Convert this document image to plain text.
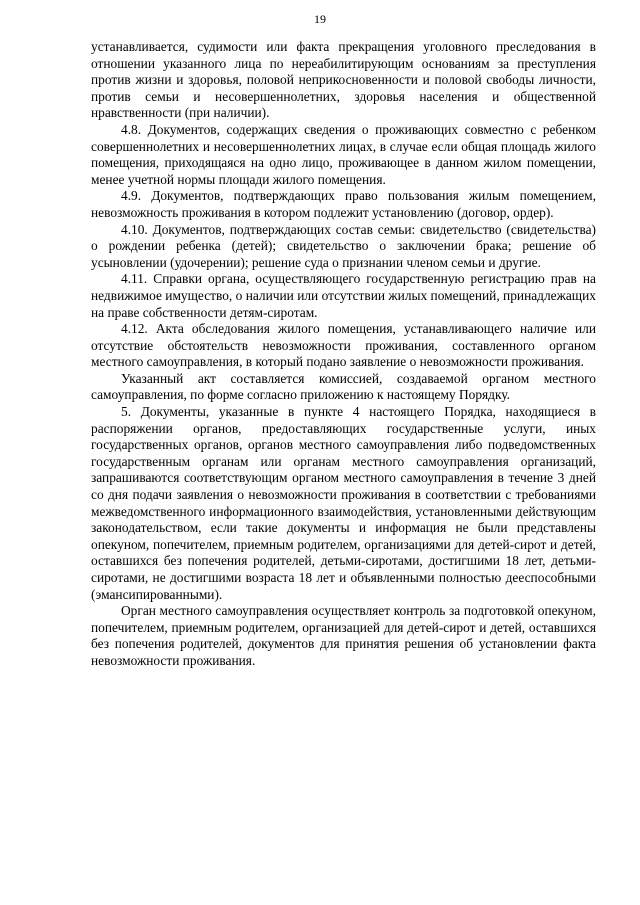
19

устанавливается, судимости или факта прекращения уголовного преследования в отношении указанного лица по нереабилитирующим основаниям за преступления против жизни и здоровья, половой неприкосновенности и половой свободы личности, против семьи и несовершеннолетних, здоровья населения и общественной нравственности (при наличии).

4.8. Документов, содержащих сведения о проживающих совместно с ребенком совершеннолетних и несовершеннолетних лицах, в случае если общая площадь жилого помещения, приходящаяся на одно лицо, проживающее в данном жилом помещении, менее учетной нормы площади жилого помещения.

4.9. Документов, подтверждающих право пользования жилым помещением, невозможность проживания в котором подлежит установлению (договор, ордер).

4.10. Документов, подтверждающих состав семьи: свидетельство (свидетельства) о рождении ребенка (детей); свидетельство о заключении брака; решение об усыновлении (удочерении); решение суда о признании членом семьи и другие.

4.11. Справки органа, осуществляющего государственную регистрацию прав на недвижимое имущество, о наличии или отсутствии жилых помещений, принадлежащих на праве собственности детям-сиротам.

4.12. Акта обследования жилого помещения, устанавливающего наличие или отсутствие обстоятельств невозможности проживания, составленного органом местного самоуправления, в который подано заявление о невозможности проживания.

Указанный акт составляется комиссией, создаваемой органом местного самоуправления, по форме согласно приложению к настоящему Порядку.

5. Документы, указанные в пункте 4 настоящего Порядка, находящиеся в распоряжении органов, предоставляющих государственные услуги, иных государственных органов, органов местного самоуправления либо подведомственных государственным органам или органам местного самоуправления организаций, запрашиваются соответствующим органом местного самоуправления в течение 3 дней со дня подачи заявления о невозможности проживания в соответствии с требованиями межведомственного информационного взаимодействия, установленными действующим законодательством, если такие документы и информация не были представлены опекуном, попечителем, приемным родителем, организациями для детей-сирот и детей, оставшихся без попечения родителей, детьми-сиротами, достигшими 18 лет, детьми-сиротами, не достигшими возраста 18 лет и объявленными полностью дееспособными (эмансипированными).

Орган местного самоуправления осуществляет контроль за подготовкой опекуном, попечителем, приемным родителем, организацией для детей-сирот и детей, оставшихся без попечения родителей, документов для принятия решения об установлении факта невозможности проживания.
